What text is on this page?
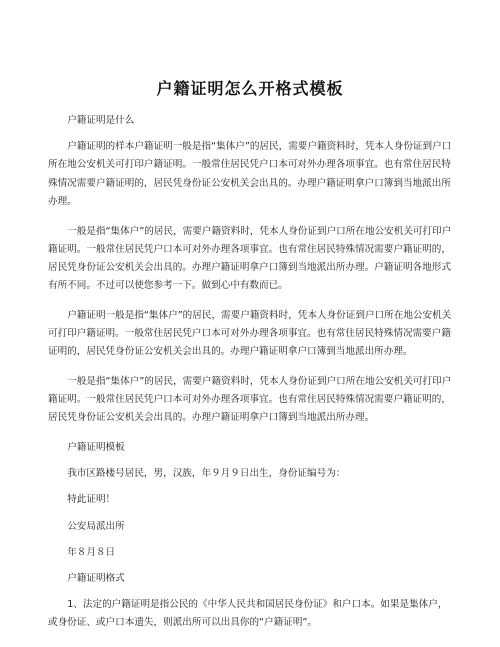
户籍证明怎么开格式模板

户籍证明是什么

户籍证明的样本户籍证明一般是指“集体户”的居民，需要户籍资料时，凭本人身份证到户口所在地公安机关可打印户籍证明。一般常住居民凭户口本可对外办理各项事宜。也有常住居民特殊情况需要户籍证明的，居民凭身份证公安机关会出具的。办理户籍证明拿户口簿到当地派出所办理。

一般是指“集体户”的居民，需要户籍资料时，凭本人身份证到户口所在地公安机关可打印户籍证明。一般常住居民凭户口本可对外办理各项事宜。也有常住居民特殊情况需要户籍证明的，居民凭身份证公安机关会出具的。办理户籍证明拿户口簿到当地派出所办理。户籍证明各地形式有所不同。不过可以使您参考一下。做到心中有数而已。

户籍证明一般是指“集体户”的居民，需要户籍资料时，凭本人身份证到户口所在地公安机关可打印户籍证明。一般常住居民凭户口本可对外办理各项事宜。也有常住居民特殊情况需要户籍证明的，居民凭身份证公安机关会出具的。办理户籍证明拿户口簿到当地派出所办理。

一般是指“集体户”的居民，需要户籍资料时，凭本人身份证到户口所在地公安机关可打印户籍证明。一般常住居民凭户口本可对外办理各项事宜。也有常住居民特殊情况需要户籍证明的，居民凭身份证公安机关会出具的。办理户籍证明拿户口簿到当地派出所办理。

户籍证明模板

我市区路楼号居民，男，汉族，年９月９日出生，身份证编号为：

特此证明！

公安局派出所

年８月８日

户籍证明格式

1、法定的户籍证明是指公民的《中华人民共和国居民身份证》和户口本。如果是集体户，或身份证、或户口本遗失，则派出所可以出具你的“户籍证明”。
